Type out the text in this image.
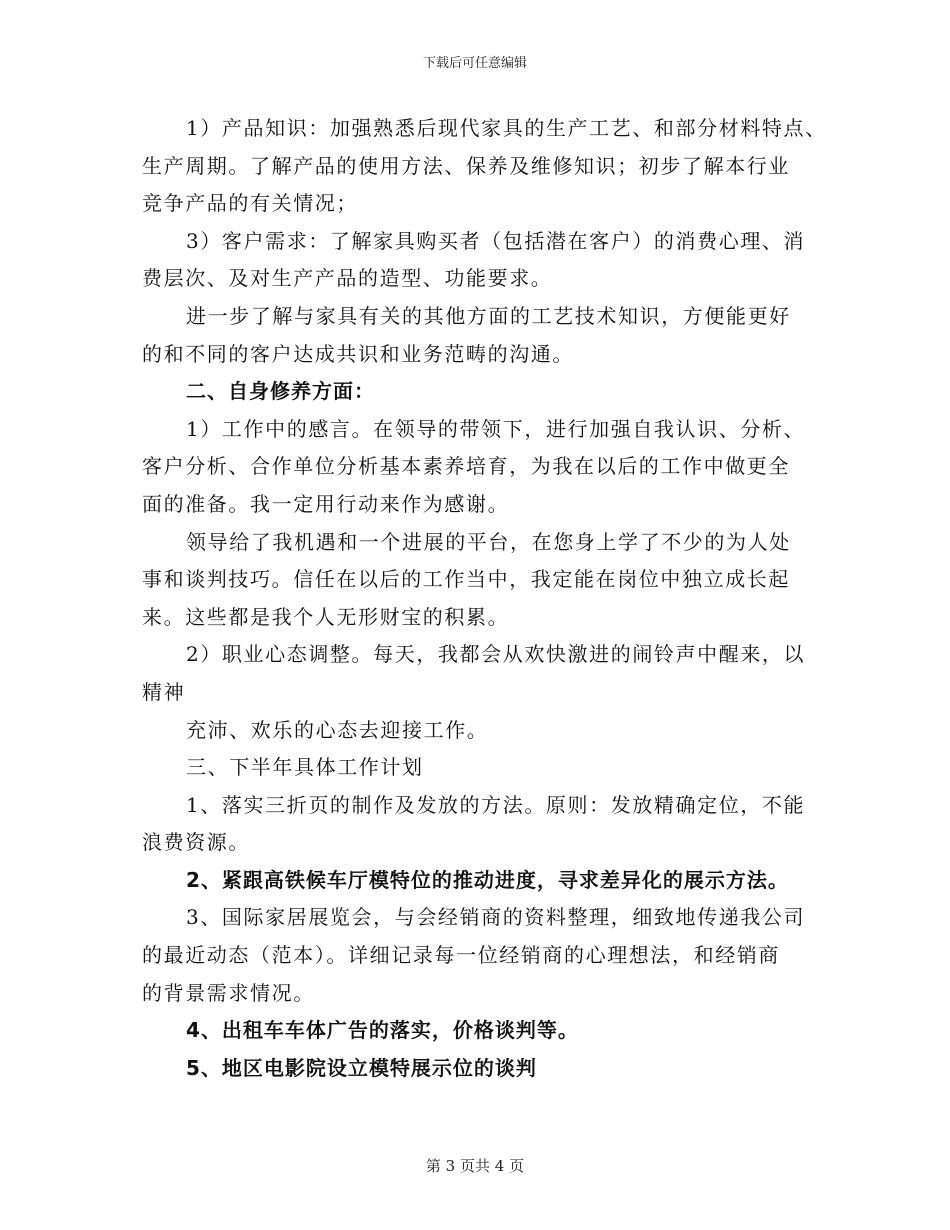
下载后可任意编辑
1）产品知识：加强熟悉后现代家具的生产工艺、和部分材料特点、
生产周期。了解产品的使用方法、保养及维修知识；初步了解本行业
竞争产品的有关情况；
3）客户需求：了解家具购买者（包括潜在客户）的消费心理、消
费层次、及对生产产品的造型、功能要求。
进一步了解与家具有关的其他方面的工艺技术知识，方便能更好
的和不同的客户达成共识和业务范畴的沟通。
二、自身修养方面：
1）工作中的感言。在领导的带领下，进行加强自我认识、分析、
客户分析、合作单位分析基本素养培育，为我在以后的工作中做更全
面的准备。我一定用行动来作为感谢。
领导给了我机遇和一个进展的平台，在您身上学了不少的为人处
事和谈判技巧。信任在以后的工作当中，我定能在岗位中独立成长起
来。这些都是我个人无形财宝的积累。
2）职业心态调整。每天，我都会从欢快激进的闹铃声中醒来，以
精神
充沛、欢乐的心态去迎接工作。
三、下半年具体工作计划
1、落实三折页的制作及发放的方法。原则：发放精确定位，不能
浪费资源。
2、紧跟高铁候车厅模特位的推动进度，寻求差异化的展示方法。
3、国际家居展览会，与会经销商的资料整理，细致地传递我公司
的最近动态（范本）。详细记录每一位经销商的心理想法，和经销商
的背景需求情况。
4、出租车车体广告的落实，价格谈判等。
5、地区电影院设立模特展示位的谈判
第 3 页共 4 页
